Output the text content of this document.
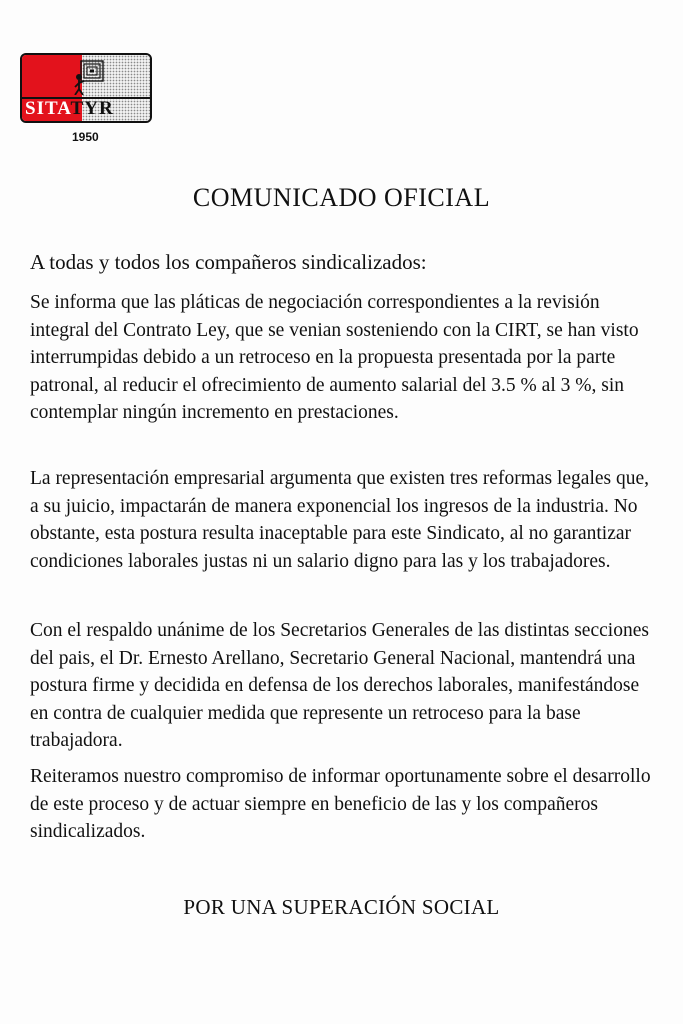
SITATYR
1950
COMUNICADO OFICIAL

A todas y todos los compañeros sindicalizados:

Se informa que las pláticas de negociación correspondientes a la revisión integral del Contrato Ley, que se venian sosteniendo con la CIRT, se han visto interrumpidas debido a un retroceso en la propuesta presentada por la parte patronal, al reducir el ofrecimiento de aumento salarial del 3.5 % al 3 %, sin contemplar ningún incremento en prestaciones.

La representación empresarial argumenta que existen tres reformas legales que, a su juicio, impactarán de manera exponencial los ingresos de la industria. No obstante, esta postura resulta inaceptable para este Sindicato, al no garantizar condiciones laborales justas ni un salario digno para las y los trabajadores.

Con el respaldo unánime de los Secretarios Generales de las distintas secciones del pais, el Dr. Ernesto Arellano, Secretario General Nacional, mantendrá una postura firme y decidida en defensa de los derechos laborales, manifestándose en contra de cualquier medida que represente un retroceso para la base trabajadora.

Reiteramos nuestro compromiso de informar oportunamente sobre el desarrollo de este proceso y de actuar siempre en beneficio de las y los compañeros sindicalizados.

POR UNA SUPERACIÓN SOCIAL
